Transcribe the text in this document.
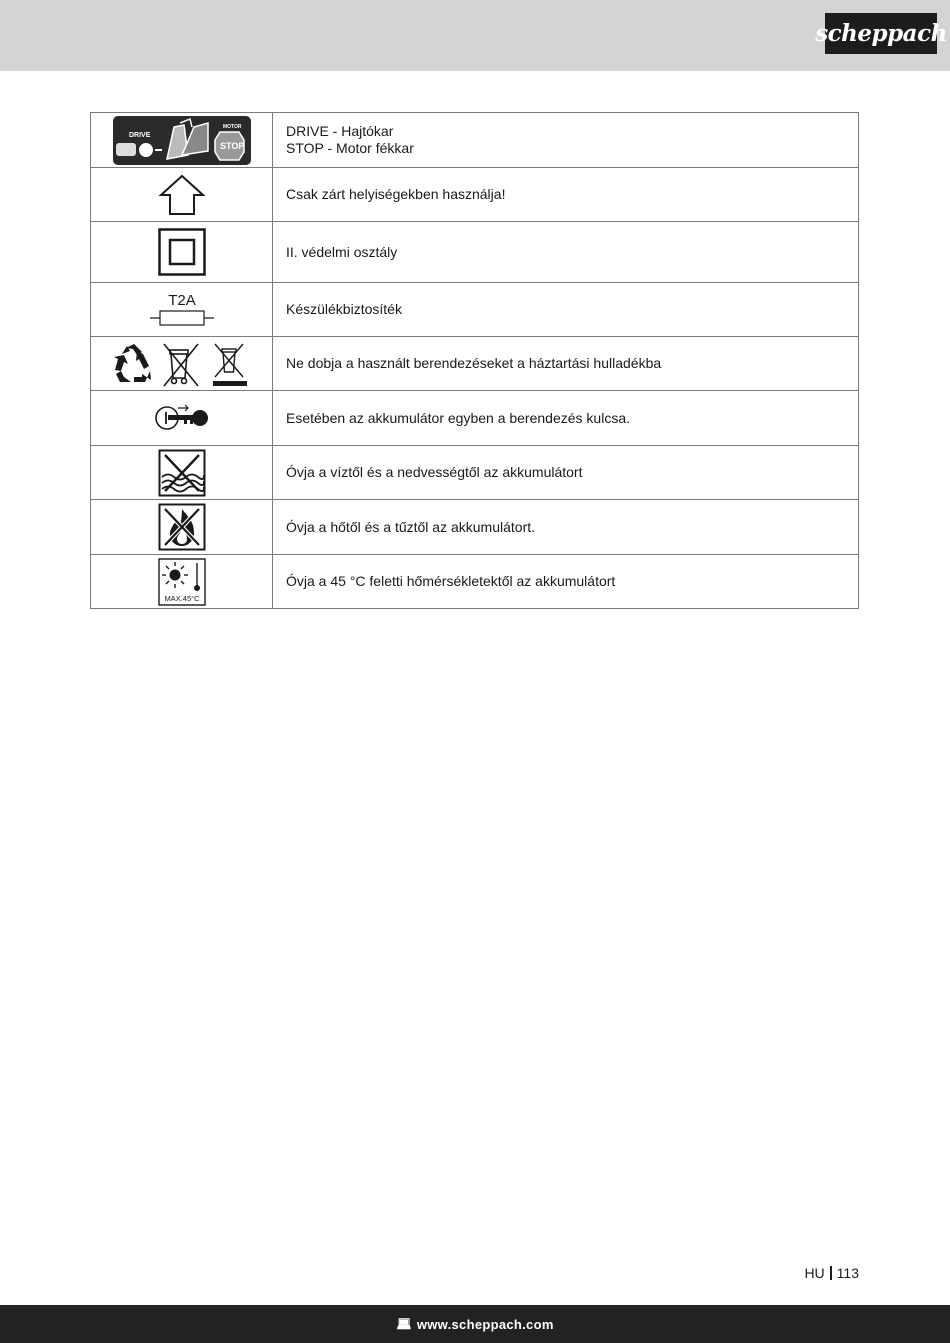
scheppach
DRIVE
MOTOR
STOP	DRIVE - Hajtókar
STOP - Motor fékkar

Csak zárt helyiségekben használja!

II. védelmi osztály

T2A	Készülékbiztosíték

Ne dobja a használt berendezéseket a háztartási hulladékba

Esetében az akkumulátor egyben a berendezés kulcsa.

Óvja a víztől és a nedvességtől az akkumulátort

Óvja a hőtől és a tűztől az akkumulátort.

MAX.45°C	Óvja a 45 °C feletti hőmérsékletektől az akkumulátort
HU 113
💻︎ www.scheppach.com
